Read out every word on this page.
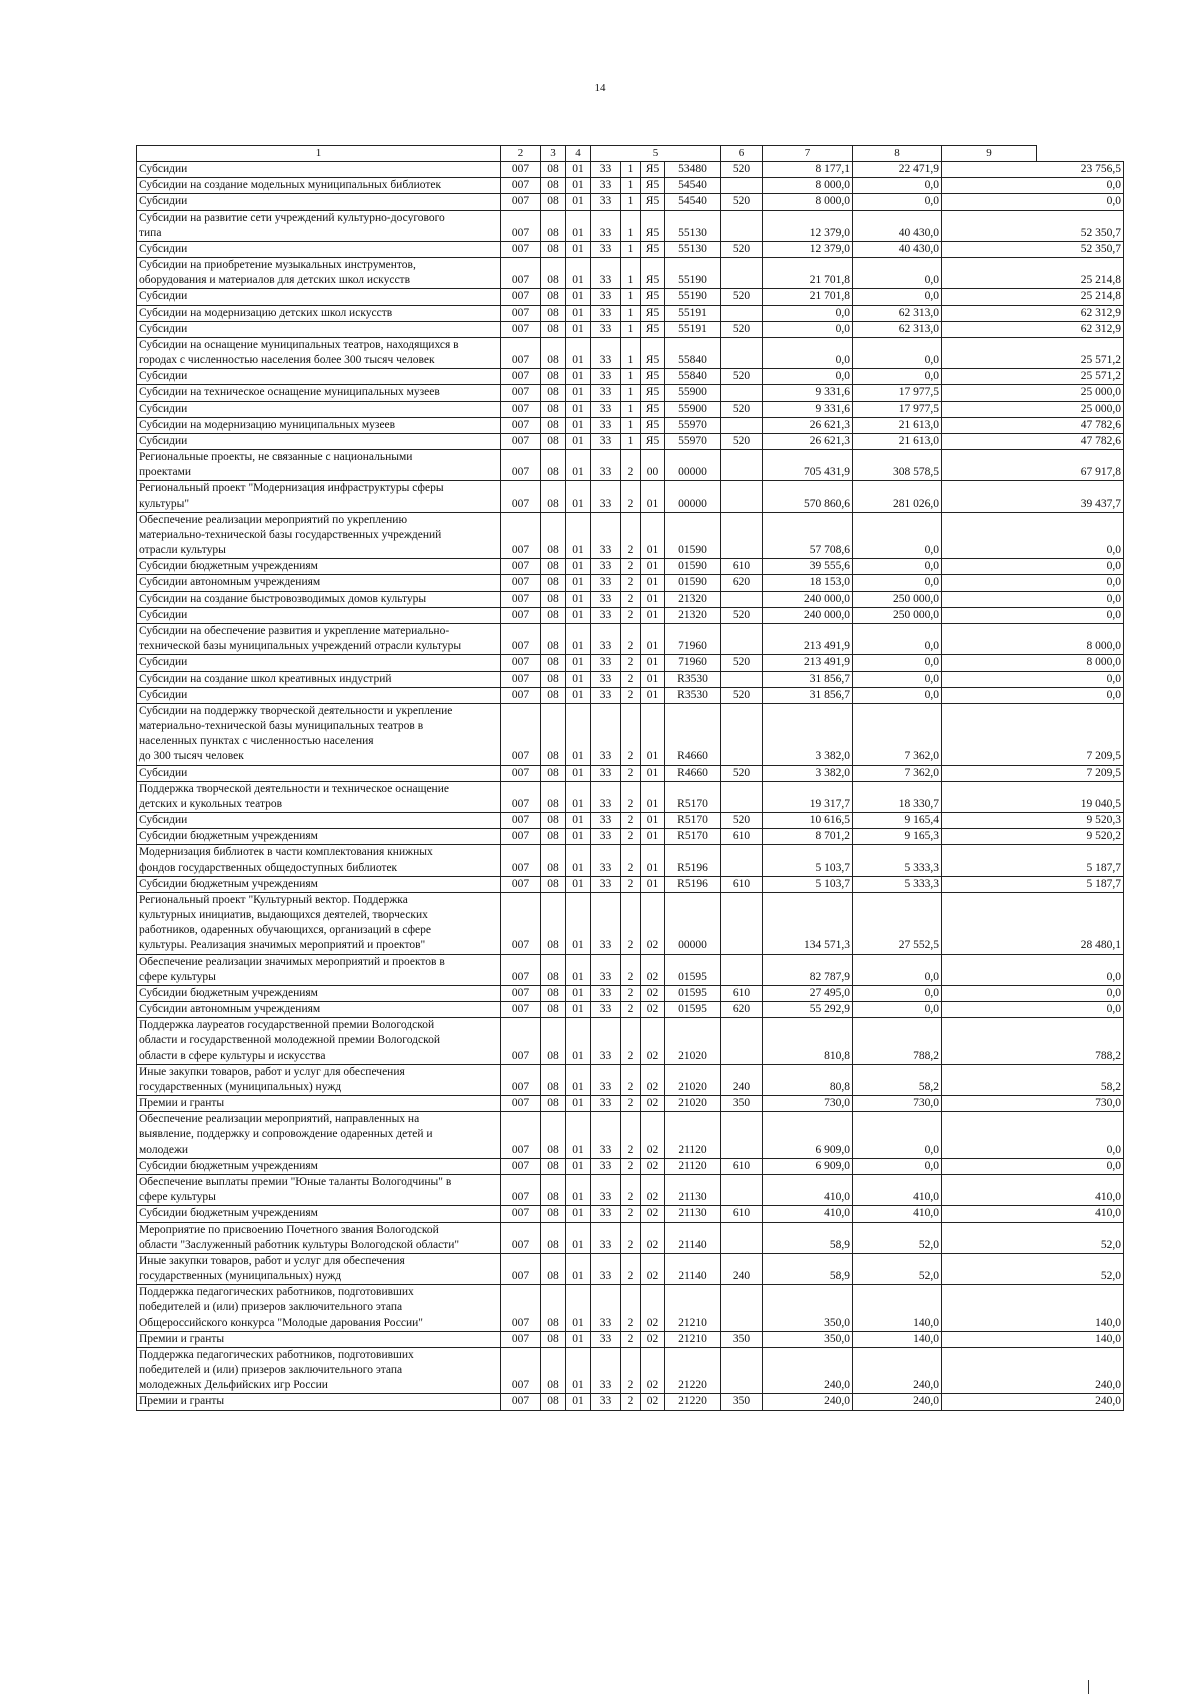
14
1	2	3	4	5				6	7	8	9
Субсидии	007	08	01	33	1	Я5	53480	520	8 177,1	22 471,9	23 756,5
Субсидии на создание модельных муниципальных библиотек	007	08	01	33	1	Я5	54540		8 000,0	0,0	0,0
Субсидии	007	08	01	33	1	Я5	54540	520	8 000,0	0,0	0,0
Субсидии на развитие сети учреждений культурно-досугового
типа	007	08	01	33	1	Я5	55130		12 379,0	40 430,0	52 350,7
Субсидии	007	08	01	33	1	Я5	55130	520	12 379,0	40 430,0	52 350,7
Субсидии на приобретение музыкальных инструментов,
оборудования и материалов для детских школ искусств	007	08	01	33	1	Я5	55190		21 701,8	0,0	25 214,8
Субсидии	007	08	01	33	1	Я5	55190	520	21 701,8	0,0	25 214,8
Субсидии на модернизацию детских школ искусств	007	08	01	33	1	Я5	55191		0,0	62 313,0	62 312,9
Субсидии	007	08	01	33	1	Я5	55191	520	0,0	62 313,0	62 312,9
Субсидии на оснащение муниципальных театров, находящихся в
городах с численностью населения более 300 тысяч человек	007	08	01	33	1	Я5	55840		0,0	0,0	25 571,2
Субсидии	007	08	01	33	1	Я5	55840	520	0,0	0,0	25 571,2
Субсидии на техническое оснащение муниципальных музеев	007	08	01	33	1	Я5	55900		9 331,6	17 977,5	25 000,0
Субсидии	007	08	01	33	1	Я5	55900	520	9 331,6	17 977,5	25 000,0
Субсидии на модернизацию муниципальных музеев	007	08	01	33	1	Я5	55970		26 621,3	21 613,0	47 782,6
Субсидии	007	08	01	33	1	Я5	55970	520	26 621,3	21 613,0	47 782,6
Региональные проекты, не связанные с национальными
проектами	007	08	01	33	2	00	00000		705 431,9	308 578,5	67 917,8
Региональный проект "Модернизация инфраструктуры сферы
культуры"	007	08	01	33	2	01	00000		570 860,6	281 026,0	39 437,7
Обеспечение реализации мероприятий по укреплению
материально-технической базы государственных учреждений
отрасли культуры	007	08	01	33	2	01	01590		57 708,6	0,0	0,0
Субсидии бюджетным учреждениям	007	08	01	33	2	01	01590	610	39 555,6	0,0	0,0
Субсидии автономным учреждениям	007	08	01	33	2	01	01590	620	18 153,0	0,0	0,0
Субсидии на создание быстровозводимых домов культуры	007	08	01	33	2	01	21320		240 000,0	250 000,0	0,0
Субсидии	007	08	01	33	2	01	21320	520	240 000,0	250 000,0	0,0
Субсидии на обеспечение развития и укрепление материально-
технической базы муниципальных учреждений отрасли культуры	007	08	01	33	2	01	71960		213 491,9	0,0	8 000,0
Субсидии	007	08	01	33	2	01	71960	520	213 491,9	0,0	8 000,0
Субсидии на создание школ креативных индустрий	007	08	01	33	2	01	R3530		31 856,7	0,0	0,0
Субсидии	007	08	01	33	2	01	R3530	520	31 856,7	0,0	0,0
Субсидии на поддержку творческой деятельности и укрепление
материально-технической базы муниципальных театров в
населенных пунктах с численностью населения
до 300 тысяч человек	007	08	01	33	2	01	R4660		3 382,0	7 362,0	7 209,5
Субсидии	007	08	01	33	2	01	R4660	520	3 382,0	7 362,0	7 209,5
Поддержка творческой деятельности и техническое оснащение
детских и кукольных театров	007	08	01	33	2	01	R5170		19 317,7	18 330,7	19 040,5
Субсидии	007	08	01	33	2	01	R5170	520	10 616,5	9 165,4	9 520,3
Субсидии бюджетным учреждениям	007	08	01	33	2	01	R5170	610	8 701,2	9 165,3	9 520,2
Модернизация библиотек в части комплектования книжных
фондов государственных общедоступных библиотек	007	08	01	33	2	01	R5196		5 103,7	5 333,3	5 187,7
Субсидии бюджетным учреждениям	007	08	01	33	2	01	R5196	610	5 103,7	5 333,3	5 187,7
Региональный проект "Культурный вектор. Поддержка
культурных инициатив, выдающихся деятелей, творческих
работников, одаренных обучающихся, организаций в сфере
культуры. Реализация значимых мероприятий и проектов"	007	08	01	33	2	02	00000		134 571,3	27 552,5	28 480,1
Обеспечение реализации значимых мероприятий и проектов в
сфере культуры	007	08	01	33	2	02	01595		82 787,9	0,0	0,0
Субсидии бюджетным учреждениям	007	08	01	33	2	02	01595	610	27 495,0	0,0	0,0
Субсидии автономным учреждениям	007	08	01	33	2	02	01595	620	55 292,9	0,0	0,0
Поддержка лауреатов государственной премии Вологодской
области и государственной молодежной премии Вологодской
области в сфере культуры и искусства	007	08	01	33	2	02	21020		810,8	788,2	788,2
Иные закупки товаров, работ и услуг для обеспечения
государственных (муниципальных) нужд	007	08	01	33	2	02	21020	240	80,8	58,2	58,2
Премии и гранты	007	08	01	33	2	02	21020	350	730,0	730,0	730,0
Обеспечение реализации мероприятий, направленных на
выявление, поддержку и сопровождение одаренных детей и
молодежи	007	08	01	33	2	02	21120		6 909,0	0,0	0,0
Субсидии бюджетным учреждениям	007	08	01	33	2	02	21120	610	6 909,0	0,0	0,0
Обеспечение выплаты премии "Юные таланты Вологодчины" в
сфере культуры	007	08	01	33	2	02	21130		410,0	410,0	410,0
Субсидии бюджетным учреждениям	007	08	01	33	2	02	21130	610	410,0	410,0	410,0
Мероприятие по присвоению Почетного звания Вологодской
области "Заслуженный работник культуры Вологодской области"	007	08	01	33	2	02	21140		58,9	52,0	52,0
Иные закупки товаров, работ и услуг для обеспечения
государственных (муниципальных) нужд	007	08	01	33	2	02	21140	240	58,9	52,0	52,0
Поддержка педагогических работников, подготовивших
победителей и (или) призеров заключительного этапа
Общероссийского конкурса "Молодые дарования России"	007	08	01	33	2	02	21210		350,0	140,0	140,0
Премии и гранты	007	08	01	33	2	02	21210	350	350,0	140,0	140,0
Поддержка педагогических работников, подготовивших
победителей и (или) призеров заключительного этапа
молодежных Дельфийских игр России	007	08	01	33	2	02	21220		240,0	240,0	240,0
Премии и гранты	007	08	01	33	2	02	21220	350	240,0	240,0	240,0
